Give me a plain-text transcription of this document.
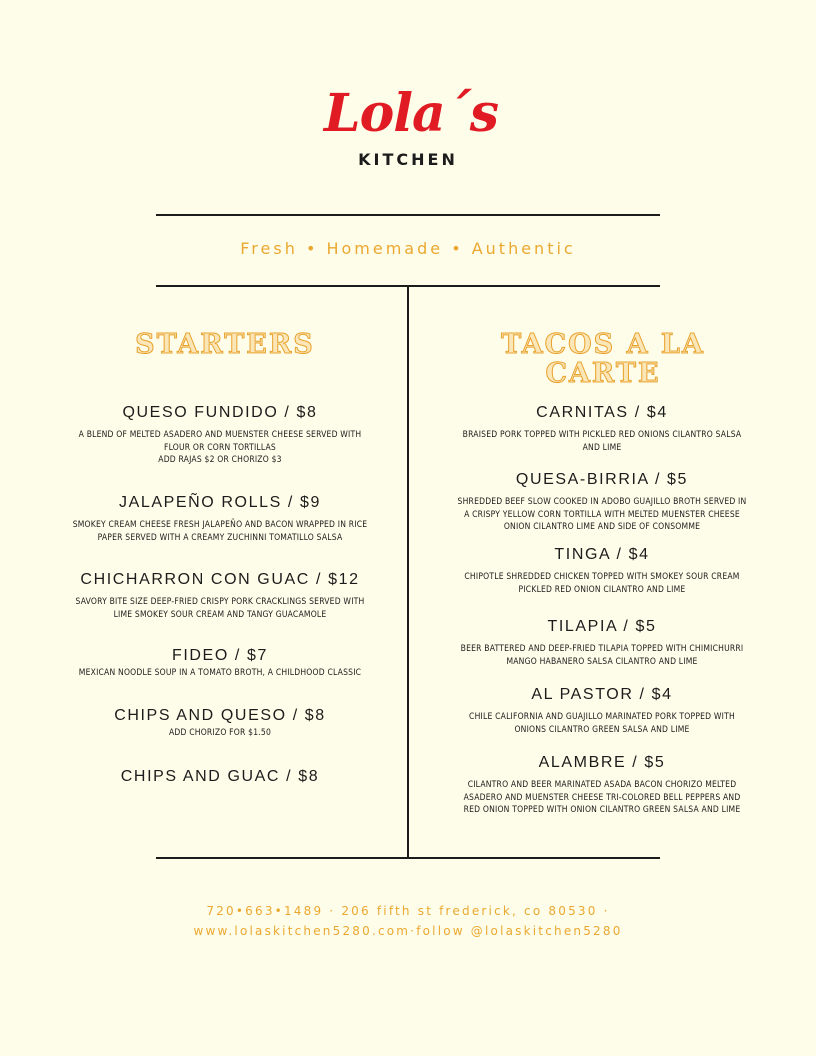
Lola´s
KITCHEN
Fresh • Homemade • Authentic
STARTERS
QUESO FUNDIDO / $8
A BLEND OF MELTED ASADERO AND MUENSTER CHEESE SERVED WITH FLOUR OR CORN TORTILLAS
ADD RAJAS $2 OR CHORIZO $3
JALAPEÑO ROLLS / $9
SMOKEY CREAM CHEESE FRESH JALAPEÑO AND BACON WRAPPED IN RICE PAPER SERVED WITH A CREAMY ZUCHINNI TOMATILLO SALSA
CHICHARRON CON GUAC / $12
SAVORY BITE SIZE DEEP-FRIED CRISPY PORK CRACKLINGS SERVED WITH LIME SMOKEY SOUR CREAM AND TANGY GUACAMOLE
FIDEO / $7
MEXICAN NOODLE SOUP IN A TOMATO BROTH, A CHILDHOOD CLASSIC
CHIPS AND QUESO / $8
ADD CHORIZO FOR $1.50
CHIPS AND GUAC / $8
TACOS A LA
CARTE
CARNITAS / $4
BRAISED PORK TOPPED WITH PICKLED RED ONIONS CILANTRO SALSA AND LIME
QUESA-BIRRIA / $5
SHREDDED BEEF SLOW COOKED IN ADOBO GUAJILLO BROTH SERVED IN A CRISPY YELLOW CORN TORTILLA WITH MELTED MUENSTER CHEESE ONION CILANTRO LIME AND SIDE OF CONSOMME
TINGA / $4
CHIPOTLE SHREDDED CHICKEN TOPPED WITH SMOKEY SOUR CREAM PICKLED RED ONION CILANTRO AND LIME
TILAPIA / $5
BEER BATTERED AND DEEP-FRIED TILAPIA TOPPED WITH CHIMICHURRI MANGO HABANERO SALSA CILANTRO AND LIME
AL PASTOR / $4
CHILE CALIFORNIA AND GUAJILLO MARINATED PORK TOPPED WITH ONIONS CILANTRO GREEN SALSA AND LIME
ALAMBRE / $5
CILANTRO AND BEER MARINATED ASADA BACON CHORIZO MELTED ASADERO AND MUENSTER CHEESE TRI-COLORED BELL PEPPERS AND RED ONION TOPPED WITH ONION CILANTRO GREEN SALSA AND LIME
720•663•1489 · 206 fifth st frederick, co 80530 ·
www.lolaskitchen5280.com·follow @lolaskitchen5280
